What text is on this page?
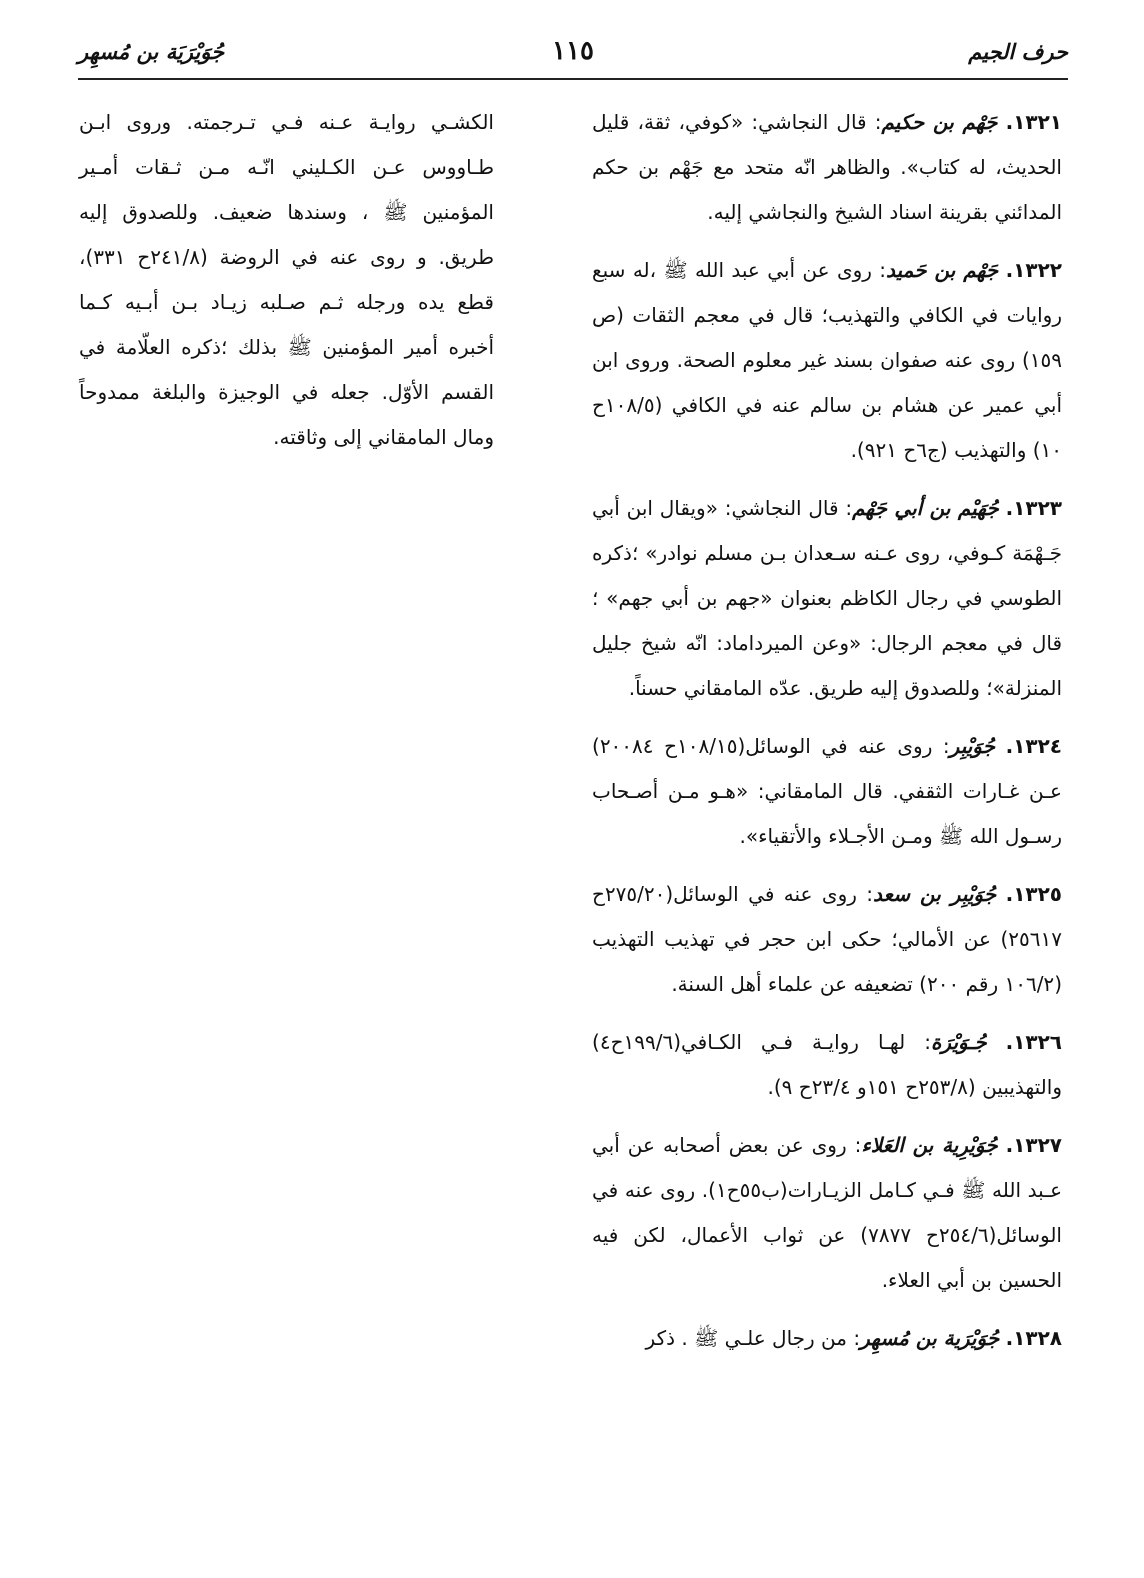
حرف الجيم
١١٥
جُوَيْرَيَة بن مُسهِر

١٣٢١. جَهْم بن حكيم: قال النجاشي: «كوفي، ثقة، قليل الحديث، له كتاب». والظاهر انّه متحد مع جَهْم بن حكم المدائني بقرينة اسناد الشيخ والنجاشي إليه.

١٣٢٢. جَهْم بن حَميد: روى عن أبي عبد الله ﷺ ،له سبع روايات في الكافي والتهذيب؛ قال في معجم الثقات (ص ١٥٩) روى عنه صفوان بسند غير معلوم الصحة. وروى ابن أبي عمير عن هشام بن سالم عنه في الكافي (١٠٨/٥ح ١٠) والتهذيب (ج٦ح ٩٢١).

١٣٢٣. جُهَيْم بن أبي جَهْم: قال النجاشي: «ويقال ابن أبي جَـهْمَة كـوفي، روى عـنه سـعدان بـن مسلم نوادر» ؛ذكره الطوسي في رجال الكاظم بعنوان «جهم بن أبي جهم» ؛قال في معجم الرجال: «وعن الميرداماد: انّه شيخ جليل المنزلة»؛ وللصدوق إليه طريق. عدّه المامقاني حسناً.

١٣٢٤. جُوَيْبِر: روى عنه في الوسائل(١٠٨/١٥ح ٢٠٠٨٤) عـن غـارات الثقفي. قال المامقاني: «هـو مـن أصـحاب رسـول الله ﷺ ومـن الأجـلاء والأتقياء».

١٣٢٥. جُوَيْبِر بن سعد: روى عنه في الوسائل(٢٧٥/٢٠ح ٢٥٦١٧) عن الأمالي؛ حكى ابن حجر في تهذيب التهذيب (١٠٦/٢ رقم ٢٠٠) تضعيفه عن علماء أهل السنة.

١٣٢٦. جُـوَيْرَة: لهـا روايـة فـي الكـافي(١٩٩/٦ح٤) والتهذيبين (٢٥٣/٨ح ١٥١و ٢٣/٤ح ٩).

١٣٢٧. جُوَيْرِية بن العَلاء: روى عن بعض أصحابه عن أبي عـبد الله ﷺ فـي كـامل الزيـارات(ب٥٥ح١). روى عنه في الوسائل(٢٥٤/٦ح ٧٨٧٧) عن ثواب الأعمال، لكن فيه الحسين بن أبي العلاء.

١٣٢٨. جُوَيْرَية بن مُسهِر: من رجال علـي ﷺ . ذكر

الكشـي روايـة عـنه فـي تـرجمته. وروى ابـن طـاووس عـن الكـليني انّـه مـن ثـقات أمـير المؤمنين ﷺ ، وسندها ضعيف. وللصدوق إليه طريق. و روى عنه في الروضة (٢٤١/٨ح ٣٣١)، قطع يده ورجله ثـم صـلبه زيـاد بـن أبـيه كـما أخبره أمير المؤمنين ﷺ بذلك ؛ذكره العلّامة في القسم الأوّل. جعله في الوجيزة والبلغة ممدوحاً ومال المامقاني إلى وثاقته.
